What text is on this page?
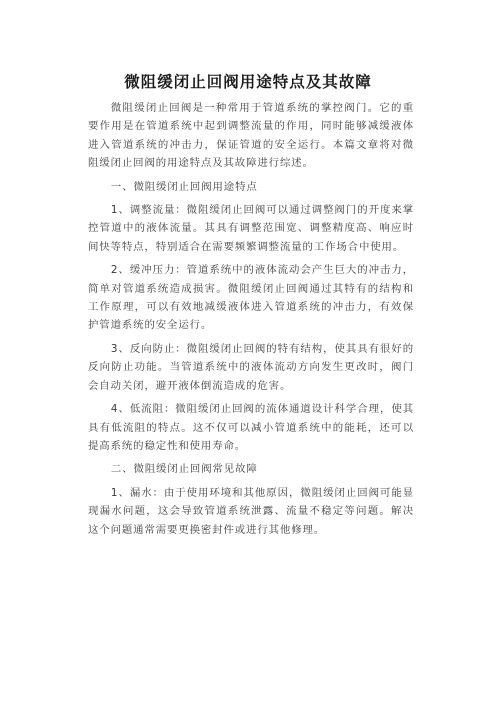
微阻缓闭止回阀用途特点及其故障

微阻缓闭止回阀是一种常用于管道系统的掌控阀门。它的重要作用是在管道系统中起到调整流量的作用，同时能够减缓液体进入管道系统的冲击力，保证管道的安全运行。本篇文章将对微阻缓闭止回阀的用途特点及其故障进行综述。

一、微阻缓闭止回阀用途特点

1、调整流量：微阻缓闭止回阀可以通过调整阀门的开度来掌控管道中的液体流量。其具有调整范围宽、调整精度高、响应时间快等特点，特别适合在需要频繁调整流量的工作场合中使用。

2、缓冲压力：管道系统中的液体流动会产生巨大的冲击力，简单对管道系统造成损害。微阻缓闭止回阀通过其特有的结构和工作原理，可以有效地减缓液体进入管道系统的冲击力，有效保护管道系统的安全运行。

3、反向防止：微阻缓闭止回阀的特有结构，使其具有很好的反向防止功能。当管道系统中的液体流动方向发生更改时，阀门会自动关闭，避开液体倒流造成的危害。

4、低流阻：微阻缓闭止回阀的流体通道设计科学合理，使其具有低流阻的特点。这不仅可以减小管道系统中的能耗，还可以提高系统的稳定性和使用寿命。

二、微阻缓闭止回阀常见故障

1、漏水：由于使用环境和其他原因，微阻缓闭止回阀可能显现漏水问题，这会导致管道系统泄露、流量不稳定等问题。解决这个问题通常需要更换密封件或进行其他修理。
